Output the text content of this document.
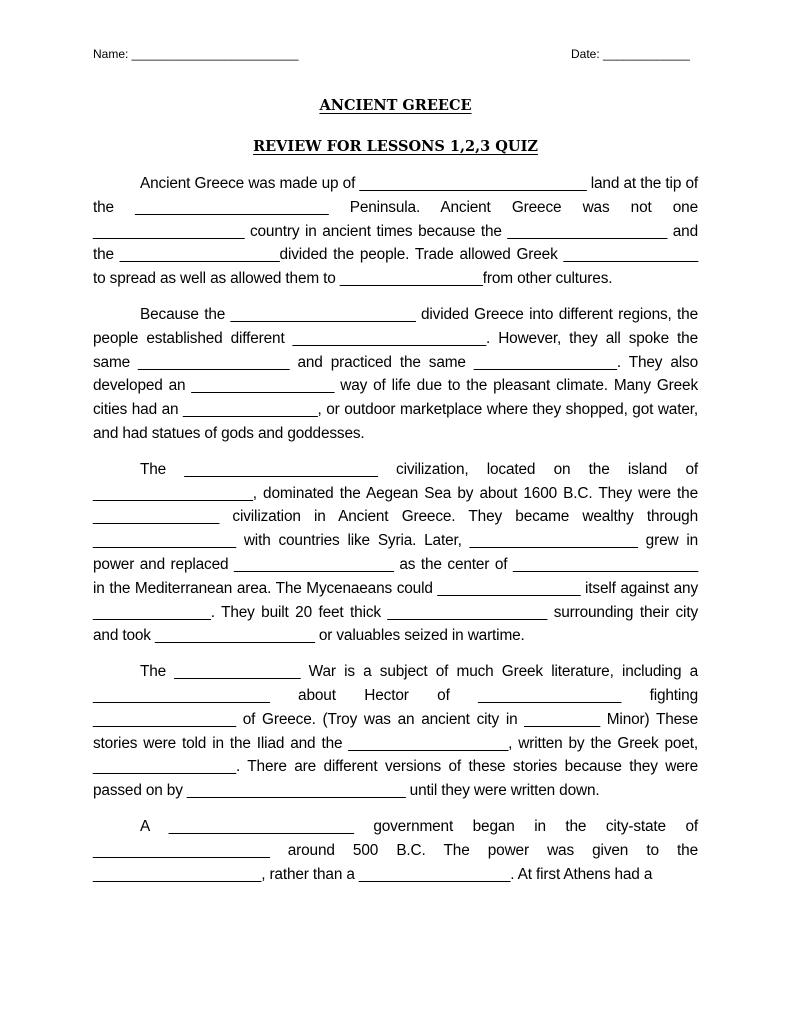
Name: _________________________	Date: _____________
ANCIENT GREECE
REVIEW FOR LESSONS 1,2,3 QUIZ

Ancient Greece was made up of ___________________________ land at the tip of the _______________________ Peninsula. Ancient Greece was not one __________________ country in ancient times because the ___________________ and the ___________________divided the people. Trade allowed Greek ________________ to spread as well as allowed them to _________________from other cultures.

Because the ______________________ divided Greece into different regions, the people established different _______________________. However, they all spoke the same __________________ and practiced the same _________________. They also developed an _________________ way of life due to the pleasant climate. Many Greek cities had an ________________, or outdoor marketplace where they shopped, got water, and had statues of gods and goddesses.

The _______________________ civilization, located on the island of ___________________, dominated the Aegean Sea by about 1600 B.C. They were the _______________ civilization in Ancient Greece. They became wealthy through _________________ with countries like Syria. Later, ____________________ grew in power and replaced ___________________ as the center of ______________________ in the Mediterranean area. The Mycenaeans could _________________ itself against any ______________. They built 20 feet thick ___________________ surrounding their city and took ___________________ or valuables seized in wartime.

The _______________ War is a subject of much Greek literature, including a _____________________ about Hector of _________________ fighting _________________ of Greece. (Troy was an ancient city in _________ Minor) These stories were told in the Iliad and the ___________________, written by the Greek poet, _________________. There are different versions of these stories because they were passed on by __________________________ until they were written down.

A ______________________ government began in the city-state of _____________________ around 500 B.C. The power was given to the ____________________, rather than a __________________. At first Athens had a
